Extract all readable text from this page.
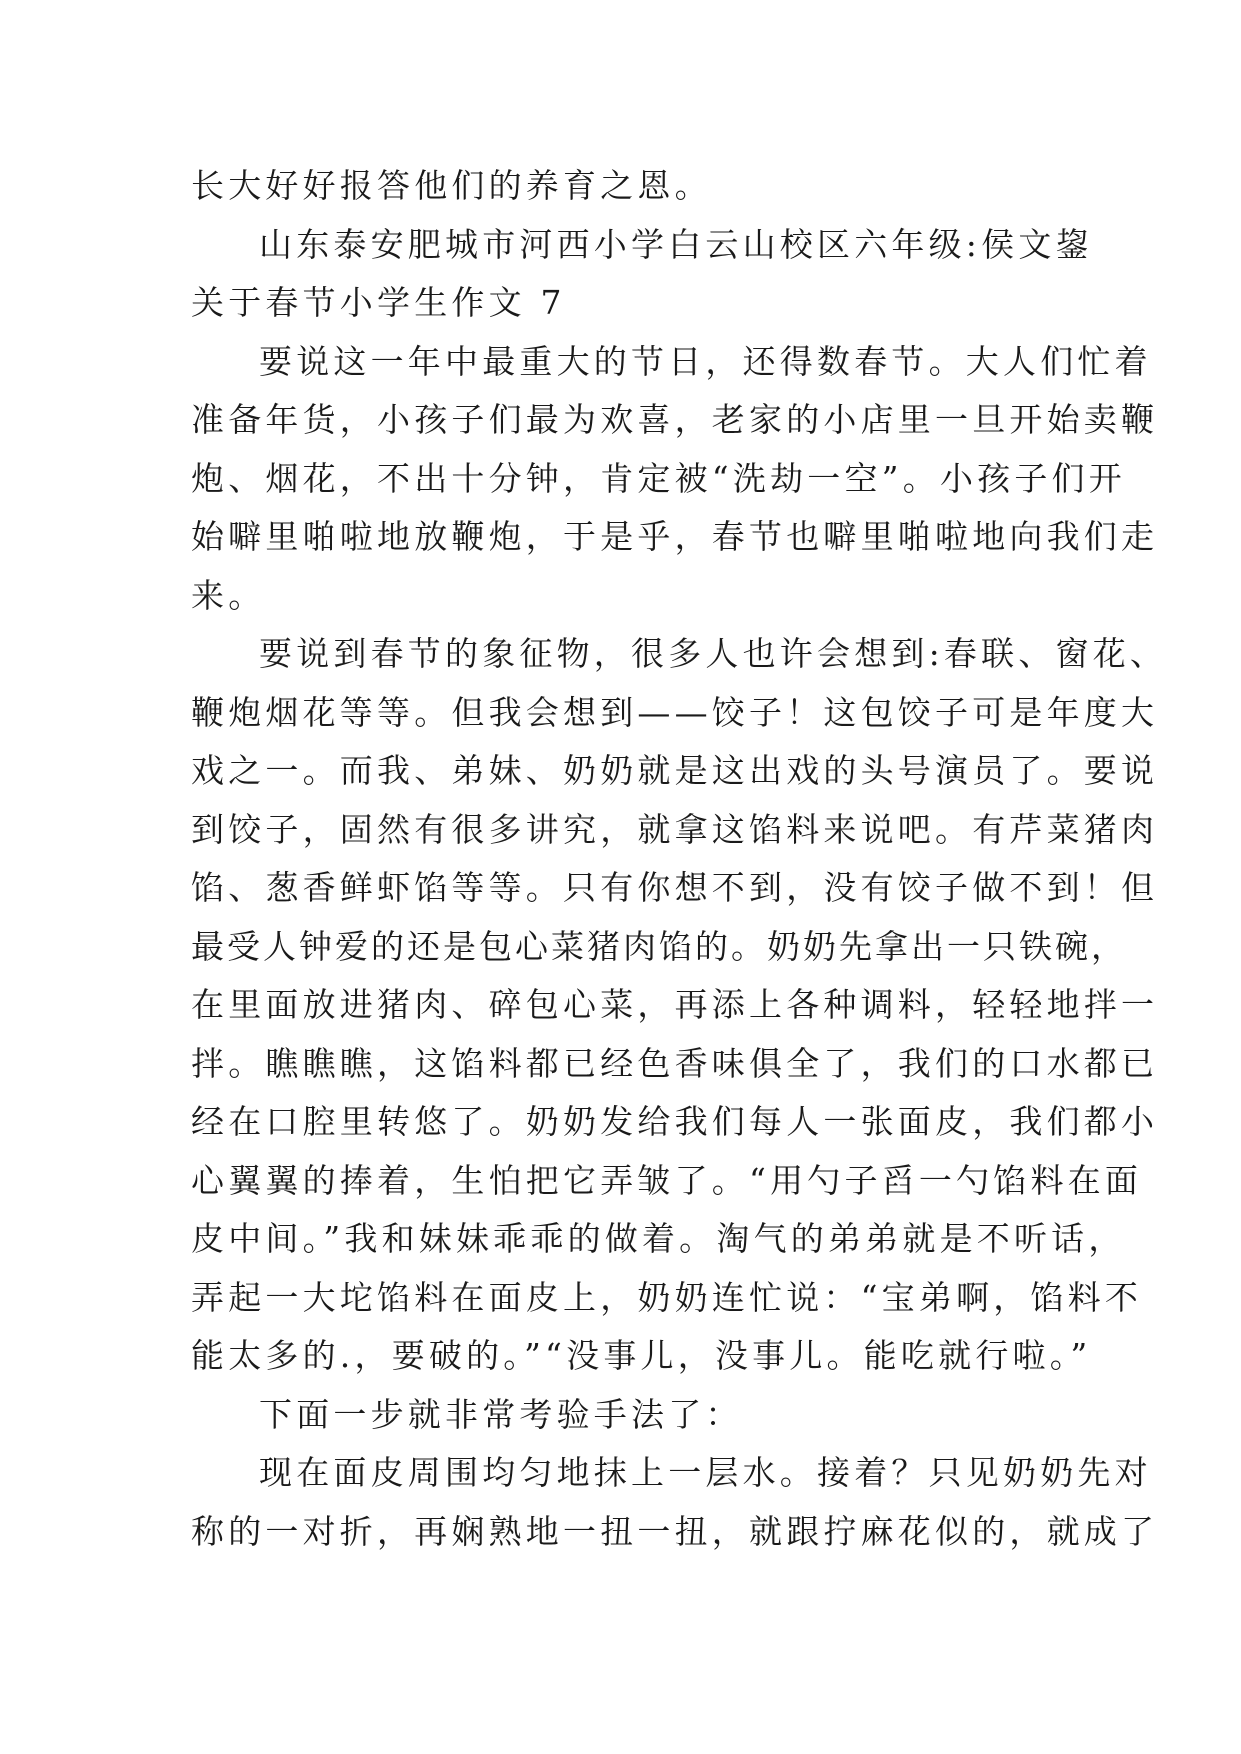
长大好好报答他们的养育之恩。
山东泰安肥城市河西小学白云山校区六年级:侯文鋆
关于春节小学生作文 7
要说这一年中最重大的节日，还得数春节。大人们忙着
准备年货，小孩子们最为欢喜，老家的小店里一旦开始卖鞭
炮、烟花，不出十分钟，肯定被“洗劫一空”。小孩子们开
始噼里啪啦地放鞭炮，于是乎，春节也噼里啪啦地向我们走
来。
要说到春节的象征物，很多人也许会想到:春联、窗花、
鞭炮烟花等等。但我会想到——饺子！这包饺子可是年度大
戏之一。而我、弟妹、奶奶就是这出戏的头号演员了。要说
到饺子，固然有很多讲究，就拿这馅料来说吧。有芹菜猪肉
馅、葱香鲜虾馅等等。只有你想不到，没有饺子做不到！但
最受人钟爱的还是包心菜猪肉馅的。奶奶先拿出一只铁碗，
在里面放进猪肉、碎包心菜，再添上各种调料，轻轻地拌一
拌。瞧瞧瞧，这馅料都已经色香味俱全了，我们的口水都已
经在口腔里转悠了。奶奶发给我们每人一张面皮，我们都小
心翼翼的捧着，生怕把它弄皱了。“用勺子舀一勺馅料在面
皮中间。”我和妹妹乖乖的做着。淘气的弟弟就是不听话，
弄起一大坨馅料在面皮上，奶奶连忙说：“宝弟啊，馅料不
能太多的.，要破的。”“没事儿，没事儿。能吃就行啦。”
下面一步就非常考验手法了：
现在面皮周围均匀地抹上一层水。接着？只见奶奶先对
称的一对折，再娴熟地一扭一扭，就跟拧麻花似的，就成了
